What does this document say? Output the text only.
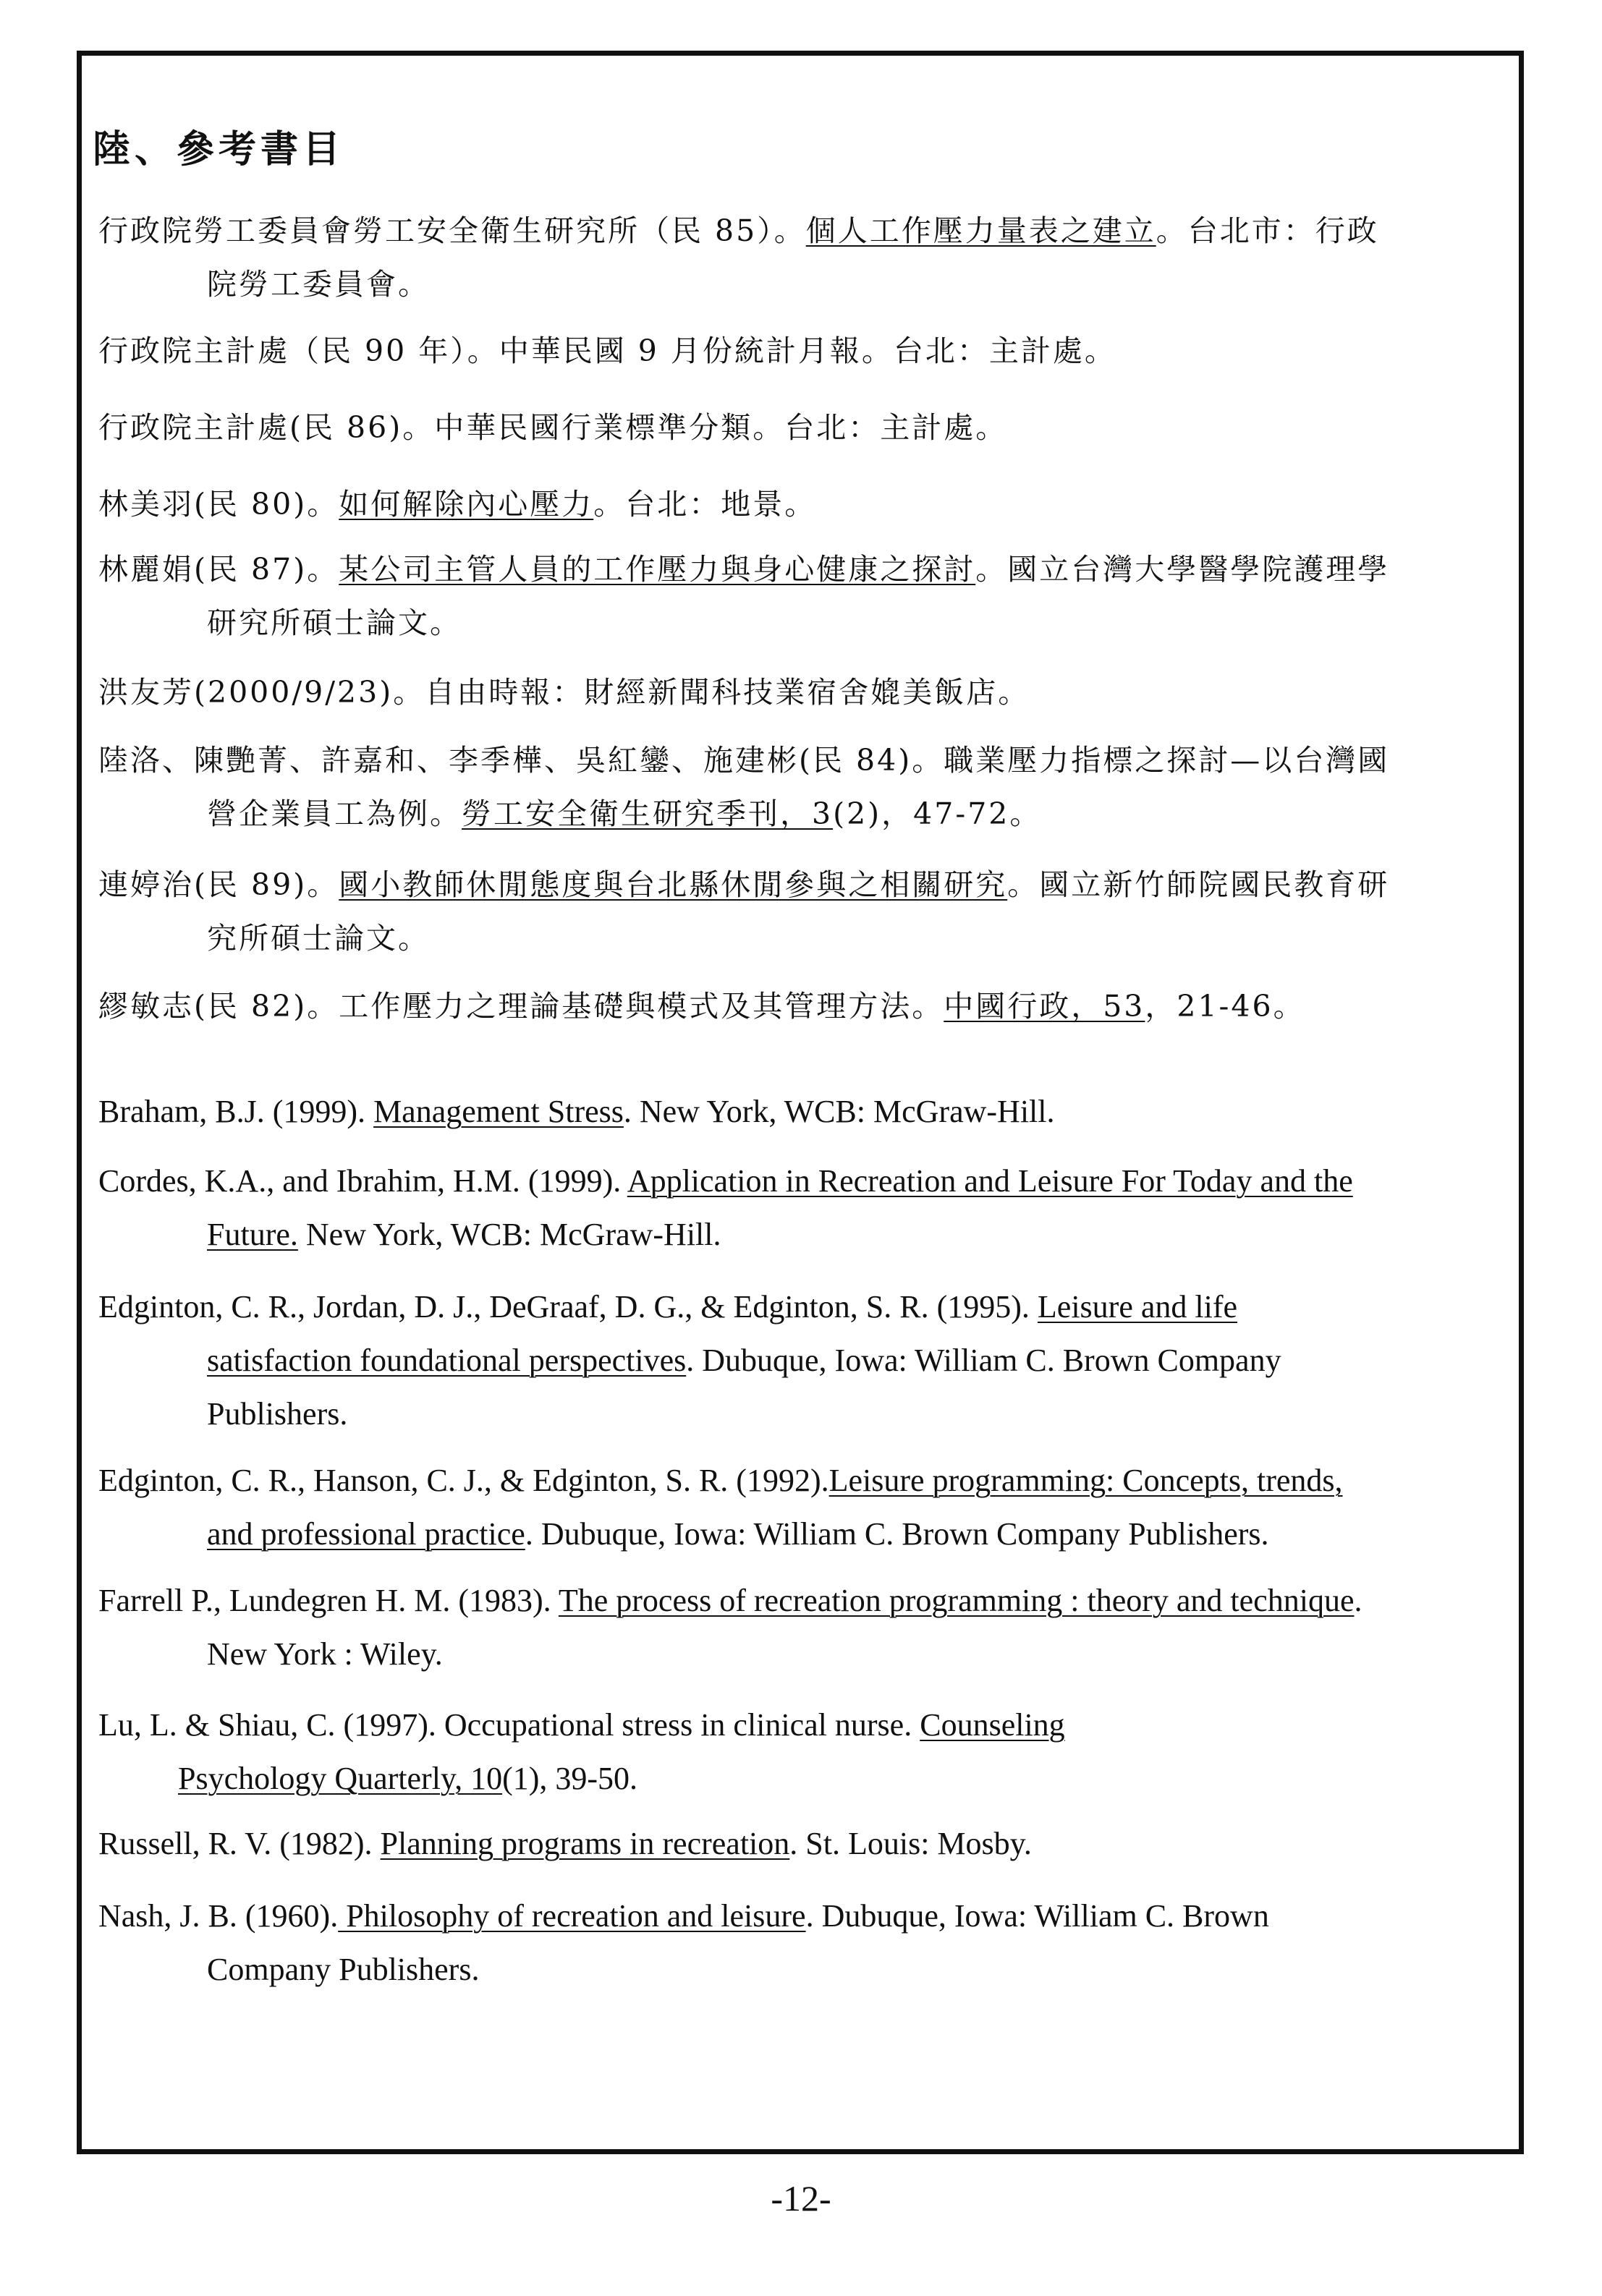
陸、參考書目
行政院勞工委員會勞工安全衛生研究所（民 85）。個人工作壓力量表之建立。台北市：行政
院勞工委員會。
行政院主計處（民 90 年）。中華民國 9 月份統計月報。台北：主計處。
行政院主計處(民 86)。中華民國行業標準分類。台北：主計處。
林美羽(民 80)。如何解除內心壓力。台北：地景。
林麗娟(民 87)。某公司主管人員的工作壓力與身心健康之探討。國立台灣大學醫學院護理學
研究所碩士論文。
洪友芳(2000/9/23)。自由時報：財經新聞科技業宿舍媲美飯店。
陸洛、陳艷菁、許嘉和、李季樺、吳紅鑾、施建彬(民 84)。職業壓力指標之探討—以台灣國
營企業員工為例。勞工安全衛生研究季刊，3(2)，47-72。
連婷治(民 89)。國小教師休閒態度與台北縣休閒參與之相關研究。國立新竹師院國民教育研
究所碩士論文。
繆敏志(民 82)。工作壓力之理論基礎與模式及其管理方法。中國行政，53，21-46。
Braham, B.J. (1999). Management Stress. New York, WCB: McGraw-Hill.
Cordes, K.A., and Ibrahim, H.M. (1999). Application in Recreation and Leisure For Today and the
Future. New York, WCB: McGraw-Hill.
Edginton, C. R., Jordan, D. J., DeGraaf, D. G., & Edginton, S. R. (1995). Leisure and life
satisfaction foundational perspectives. Dubuque, Iowa: William C. Brown Company
Publishers.
Edginton, C. R., Hanson, C. J., & Edginton, S. R. (1992).Leisure programming: Concepts, trends,
and professional practice. Dubuque, Iowa: William C. Brown Company Publishers.
Farrell P., Lundegren H. M. (1983). The process of recreation programming : theory and technique.
New York : Wiley.
Lu, L. & Shiau, C. (1997). Occupational stress in clinical nurse. Counseling
Psychology Quarterly, 10(1), 39-50.
Russell, R. V. (1982). Planning programs in recreation. St. Louis: Mosby.
Nash, J. B. (1960). Philosophy of recreation and leisure. Dubuque, Iowa: William C. Brown
Company Publishers.
-12-
